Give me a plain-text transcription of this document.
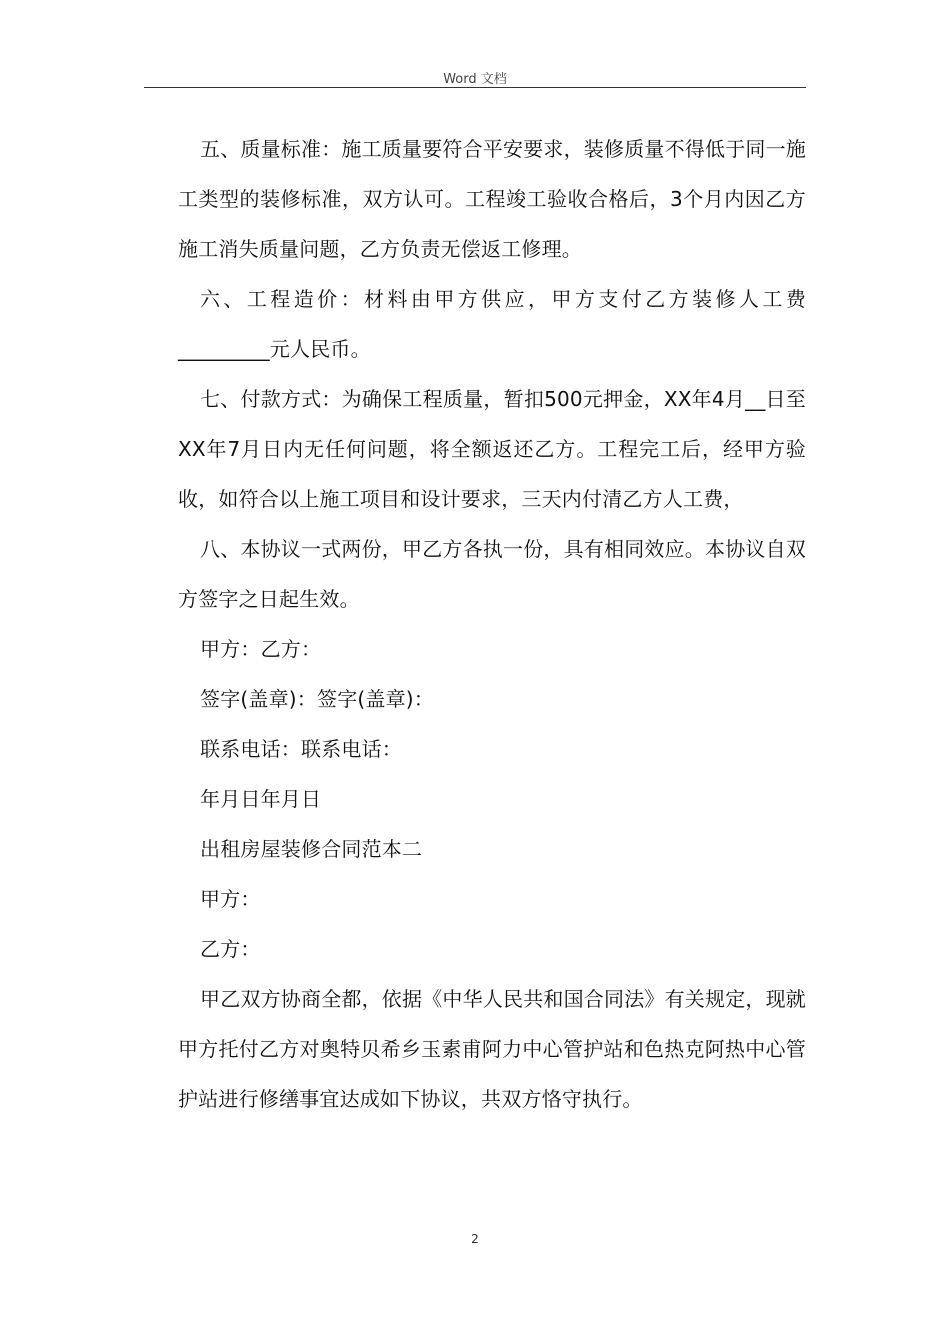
Word 文档

五、质量标准：施工质量要符合平安要求，装修质量不得低于同一施工类型的装修标准，双方认可。工程竣工验收合格后，3个月内因乙方施工消失质量问题，乙方负责无偿返工修理。

六、工程造价：材料由甲方供应，甲方支付乙方装修人工费_________元人民币。

七、付款方式：为确保工程质量，暂扣500元押金，XX年4月__日至XX年7月日内无任何问题，将全额返还乙方。工程完工后，经甲方验收，如符合以上施工项目和设计要求，三天内付清乙方人工费，

八、本协议一式两份，甲乙方各执一份，具有相同效应。本协议自双方签字之日起生效。

甲方：乙方：

签字(盖章)：签字(盖章)：

联系电话：联系电话：

年月日年月日

出租房屋装修合同范本二

甲方：

乙方：

甲乙双方协商全都，依据《中华人民共和国合同法》有关规定，现就甲方托付乙方对奥特贝希乡玉素甫阿力中心管护站和色热克阿热中心管护站进行修缮事宜达成如下协议，共双方恪守执行。

2
